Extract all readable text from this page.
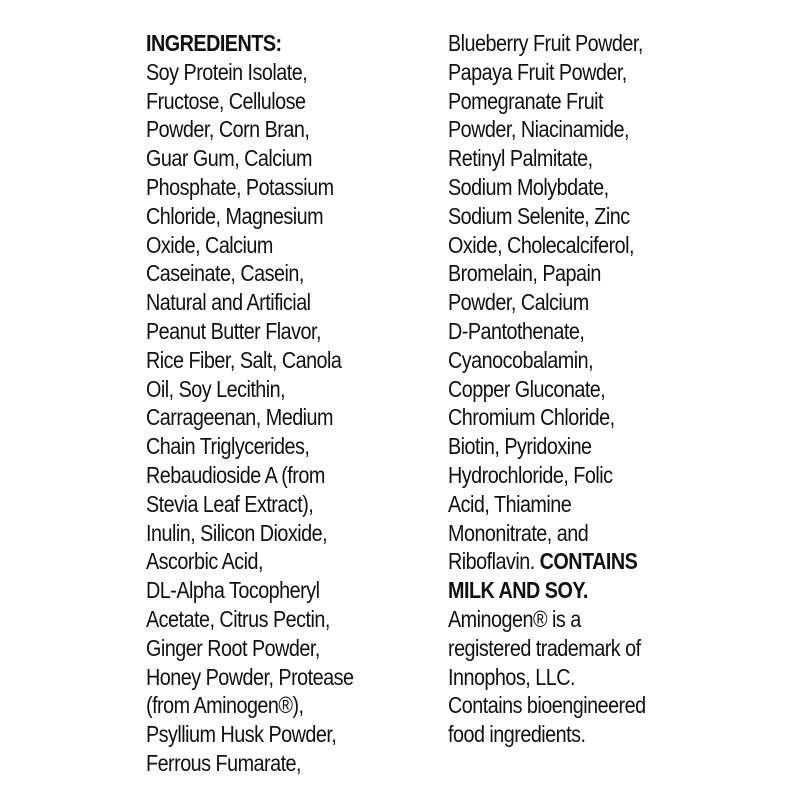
INGREDIENTS:
Soy Protein Isolate,
Fructose, Cellulose
Powder, Corn Bran,
Guar Gum, Calcium
Phosphate, Potassium
Chloride, Magnesium
Oxide, Calcium
Caseinate, Casein,
Natural and Artificial
Peanut Butter Flavor,
Rice Fiber, Salt, Canola
Oil, Soy Lecithin,
Carrageenan, Medium
Chain Triglycerides,
Rebaudioside A (from
Stevia Leaf Extract),
Inulin, Silicon Dioxide,
Ascorbic Acid,
DL-Alpha Tocopheryl
Acetate, Citrus Pectin,
Ginger Root Powder,
Honey Powder, Protease
(from Aminogen®),
Psyllium Husk Powder,
Ferrous Fumarate,
Blueberry Fruit Powder,
Papaya Fruit Powder,
Pomegranate Fruit
Powder, Niacinamide,
Retinyl Palmitate,
Sodium Molybdate,
Sodium Selenite, Zinc
Oxide, Cholecalciferol,
Bromelain, Papain
Powder, Calcium
D-Pantothenate,
Cyanocobalamin,
Copper Gluconate,
Chromium Chloride,
Biotin, Pyridoxine
Hydrochloride, Folic
Acid, Thiamine
Mononitrate, and
Riboflavin. CONTAINS
MILK AND SOY.
Aminogen® is a
registered trademark of
Innophos, LLC.
Contains bioengineered
food ingredients.
